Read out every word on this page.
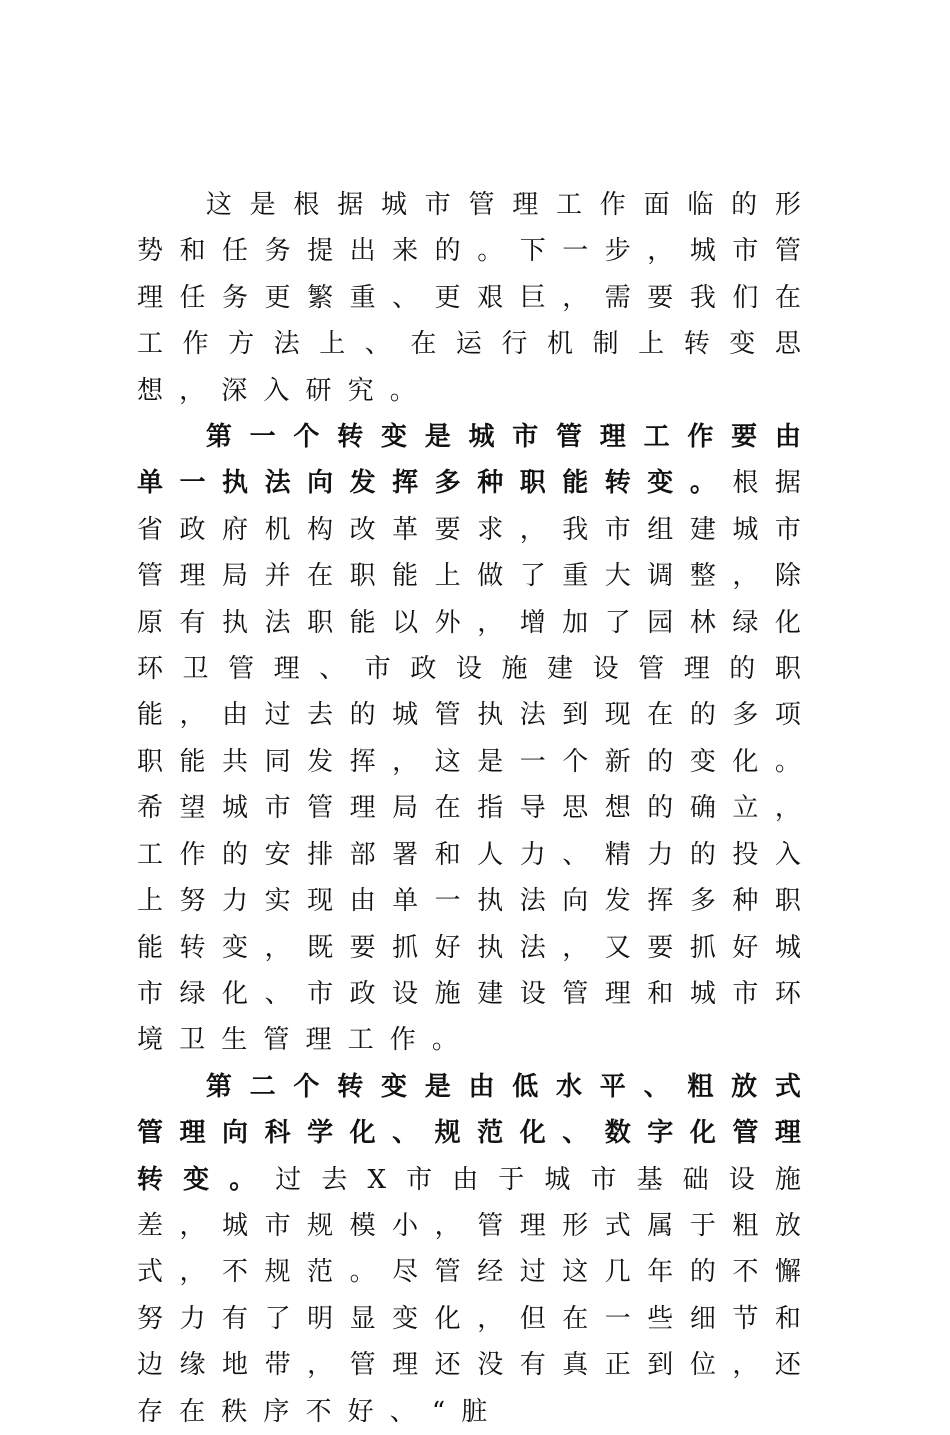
这是根据城市管理工作面临的形势和任务提出来的。下一步，城市管理任务更繁重、更艰巨，需要我们在工作方法上、在运行机制上转变思想，深入研究。

第一个转变是城市管理工作要由单一执法向发挥多种职能转变。根据省政府机构改革要求，我市组建城市管理局并在职能上做了重大调整，除原有执法职能以外，增加了园林绿化环卫管理、市政设施建设管理的职能，由过去的城管执法到现在的多项职能共同发挥，这是一个新的变化。希望城市管理局在指导思想的确立，工作的安排部署和人力、精力的投入上努力实现由单一执法向发挥多种职能转变，既要抓好执法，又要抓好城市绿化、市政设施建设管理和城市环境卫生管理工作。

第二个转变是由低水平、粗放式管理向科学化、规范化、数字化管理转变。过去X市由于城市基础设施差，城市规模小，管理形式属于粗放式，不规范。尽管经过这几年的不懈努力有了明显变化，但在一些细节和边缘地带，管理还没有真正到位，还存在秩序不好、“脏
